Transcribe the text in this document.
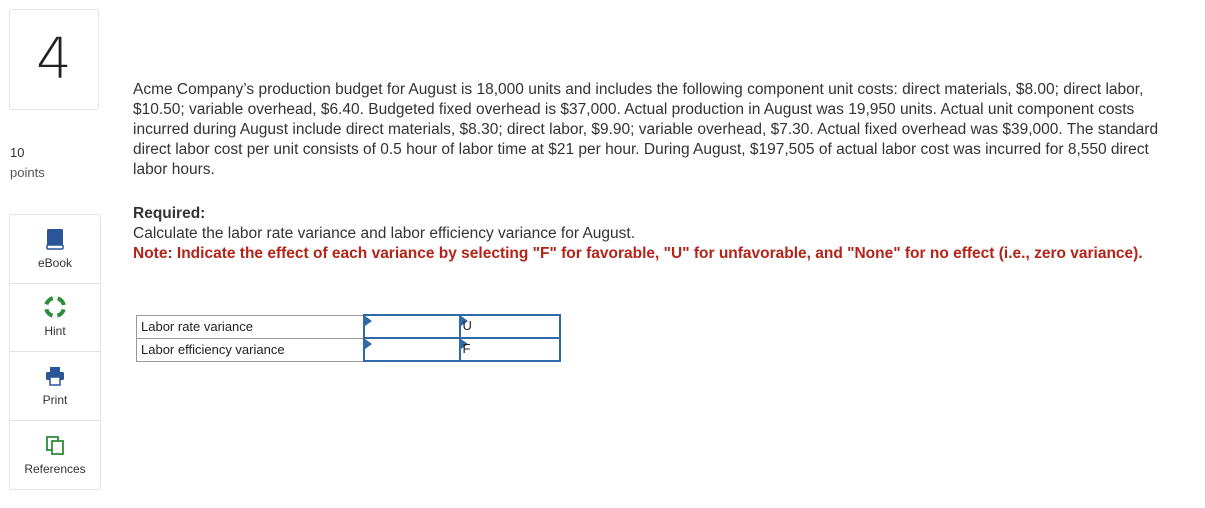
4
10
points
eBook
Hint
Print
References

Acme Company’s production budget for August is 18,000 units and includes the following component unit costs: direct materials, $8.00; direct labor, $10.50; variable overhead, $6.40. Budgeted fixed overhead is $37,000. Actual production in August was 19,950 units. Actual unit component costs incurred during August include direct materials, $8.30; direct labor, $9.90; variable overhead, $7.30. Actual fixed overhead was $39,000. The standard direct labor cost per unit consists of 0.5 hour of labor time at $21 per hour. During August, $197,505 of actual labor cost was incurred for 8,550 direct labor hours.

Required:
Calculate the labor rate variance and labor efficiency variance for August.
Note: Indicate the effect of each variance by selecting "F" for favorable, "U" for unfavorable, and "None" for no effect (i.e., zero variance).
Labor rate variance		U

Labor efficiency variance		F
